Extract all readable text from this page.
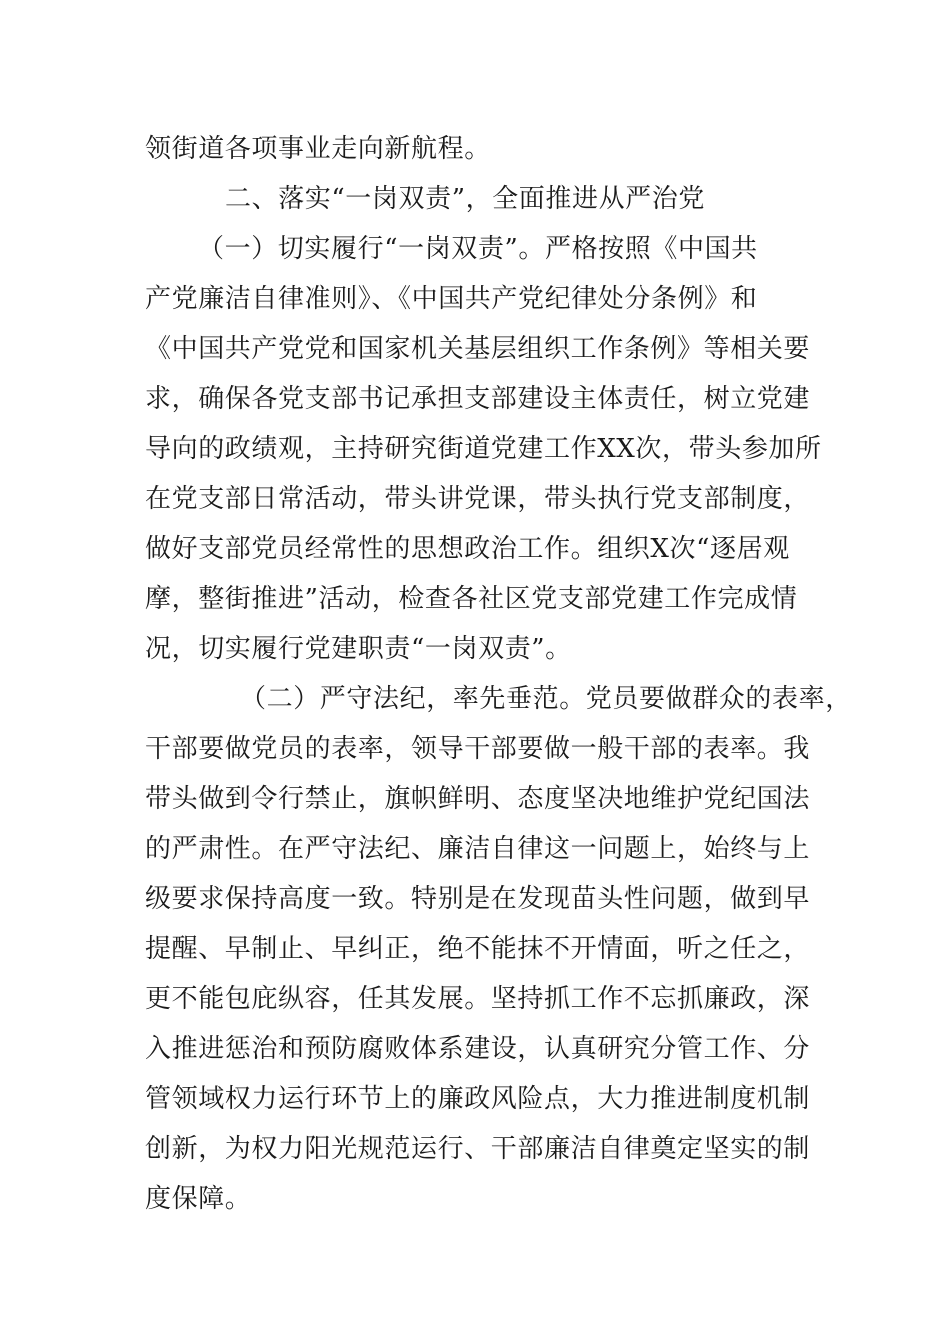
领街道各项事业走向新航程。
二、落实“一岗双责”，全面推进从严治党
（一）切实履行“一岗双责”。严格按照《中国共
产党廉洁自律准则》、《中国共产党纪律处分条例》和
《中国共产党党和国家机关基层组织工作条例》等相关要
求，确保各党支部书记承担支部建设主体责任，树立党建
导向的政绩观，主持研究街道党建工作XX次，带头参加所
在党支部日常活动，带头讲党课，带头执行党支部制度，
做好支部党员经常性的思想政治工作。组织X次“逐居观
摩，整街推进”活动，检查各社区党支部党建工作完成情
况，切实履行党建职责“一岗双责”。
（二）严守法纪，率先垂范。党员要做群众的表率，
干部要做党员的表率，领导干部要做一般干部的表率。我
带头做到令行禁止，旗帜鲜明、态度坚决地维护党纪国法
的严肃性。在严守法纪、廉洁自律这一问题上，始终与上
级要求保持高度一致。特别是在发现苗头性问题，做到早
提醒、早制止、早纠正，绝不能抹不开情面，听之任之，
更不能包庇纵容，任其发展。坚持抓工作不忘抓廉政，深
入推进惩治和预防腐败体系建设，认真研究分管工作、分
管领域权力运行环节上的廉政风险点，大力推进制度机制
创新，为权力阳光规范运行、干部廉洁自律奠定坚实的制
度保障。
